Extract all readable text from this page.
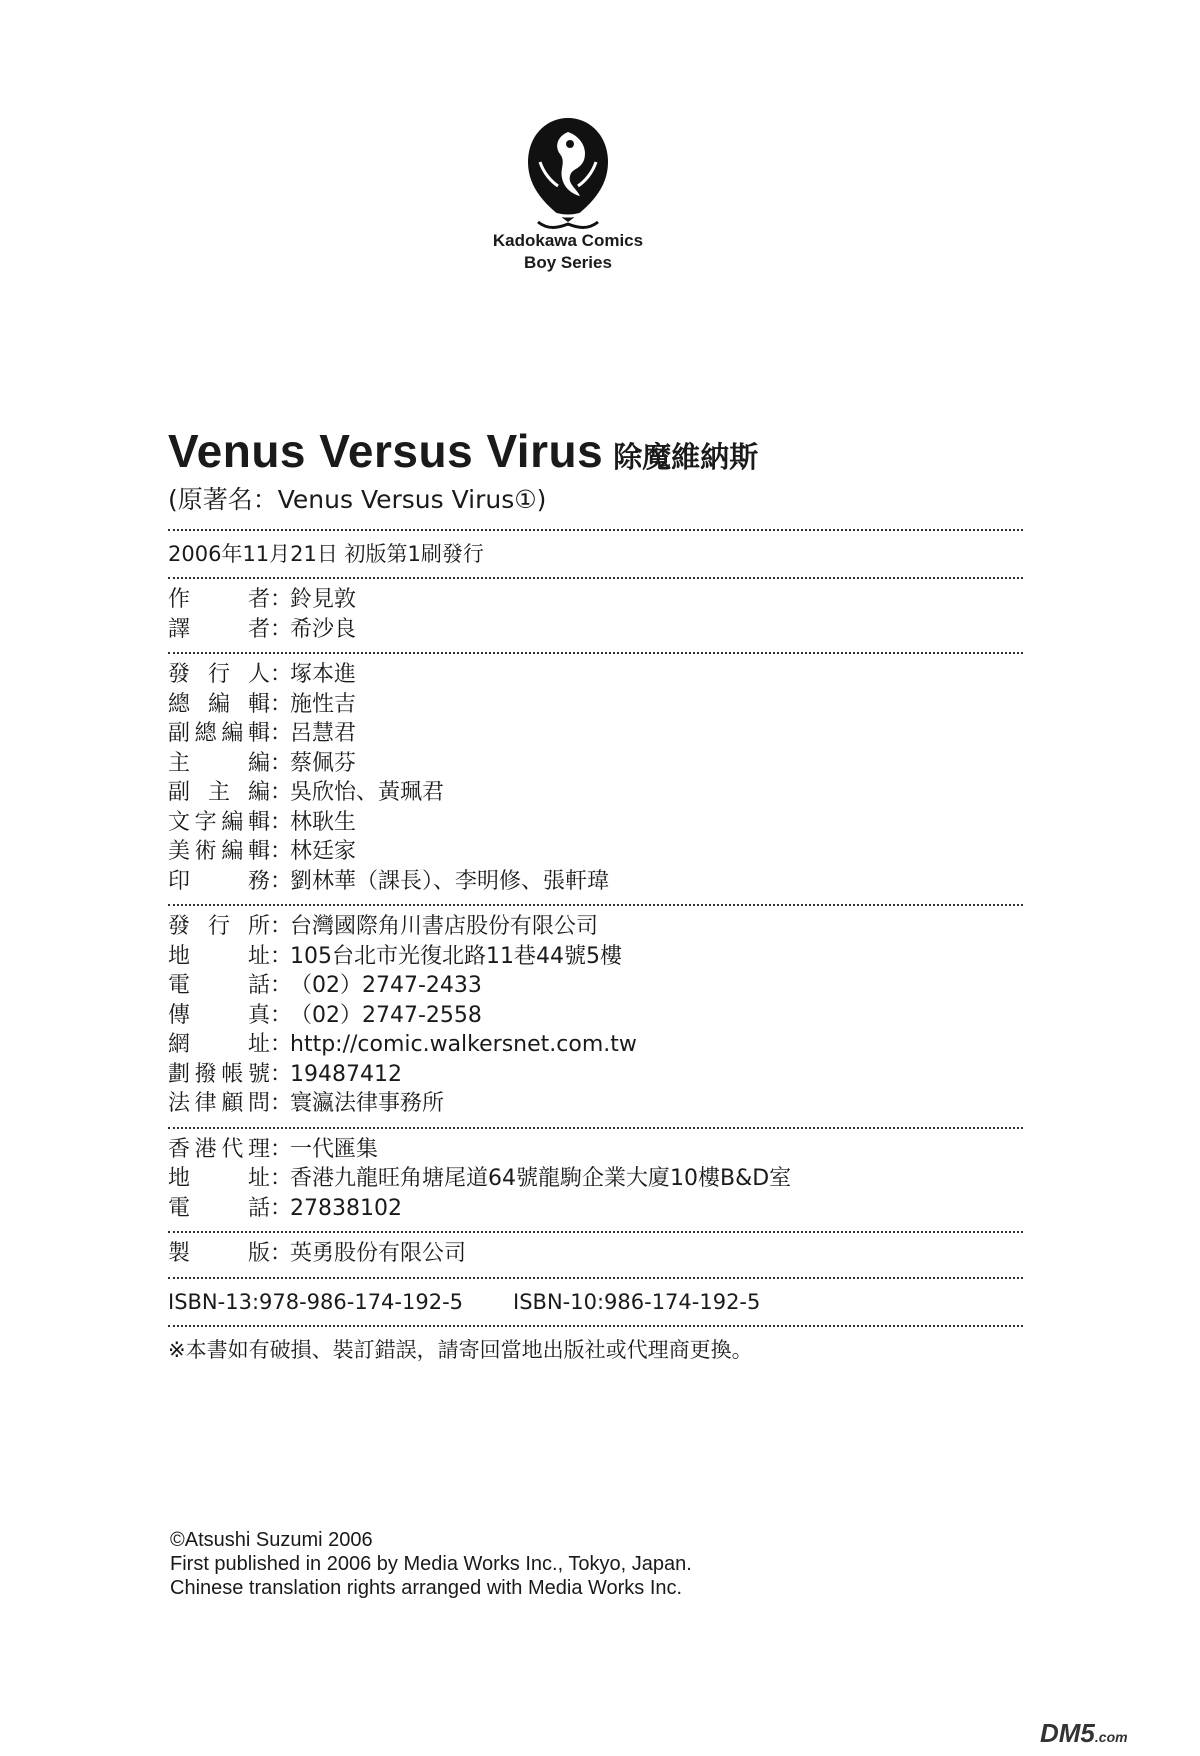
Kadokawa Comics
Boy Series
Venus Versus Virus 除魔維納斯
(原著名：Venus Versus Virus①)
2006年11月21日 初版第1刷發行
作	者 ：
鈴見敦
譯	者 ：
希沙良
發 行 人 ：
塚本進
總 編 輯 ：
施性吉
副 總 編 輯 ：
呂慧君
主	編 ：
蔡佩芬
副 主 編 ：
吳欣怡、黃珮君
文 字 編 輯 ：
林耿生
美 術 編 輯 ：
林廷家
印	務 ：
劉林華（課長）、李明修、張軒瑋
發 行 所 ：
台灣國際角川書店股份有限公司
地	址 ：
105台北市光復北路11巷44號5樓
電	話 ：
（02）2747-2433
傳	真 ：
（02）2747-2558
網	址 ：
http://comic.walkersnet.com.tw
劃 撥 帳 號 ：
19487412
法 律 顧 問 ：
寰瀛法律事務所
香 港 代 理 ：
一代匯集
地	址 ：
香港九龍旺角塘尾道64號龍駒企業大廈10樓B&D室
電	話 ：
27838102
製	版 ：
英勇股份有限公司
ISBN-13:978-986-174-192-5 ISBN-10:986-174-192-5
※本書如有破損、裝訂錯誤，請寄回當地出版社或代理商更換。
©Atsushi Suzumi 2006
First published in 2006 by Media Works Inc., Tokyo, Japan.
Chinese translation rights arranged with Media Works Inc.
DM5.com
